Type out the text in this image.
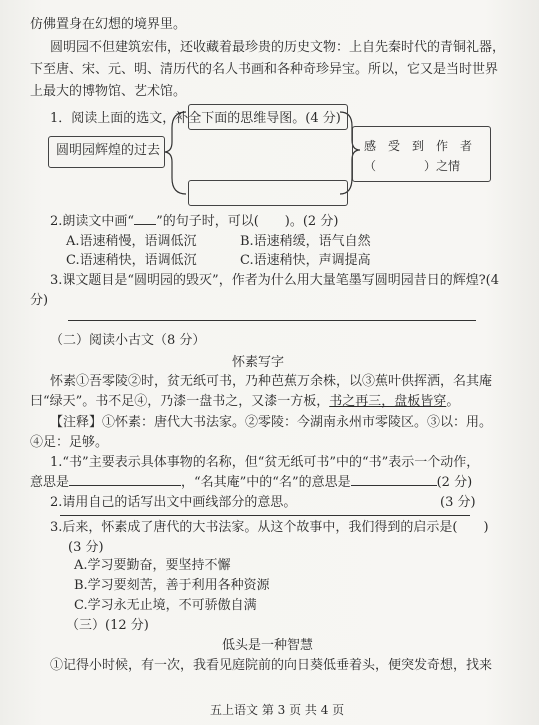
仿佛置身在幻想的境界里。
圆明园不但建筑宏伟，还收藏着最珍贵的历史文物：上自先秦时代的青铜礼器，
下至唐、宋、元、明、清历代的名人书画和各种奇珍异宝。所以，它又是当时世界
上最大的博物馆、艺术馆。
1．阅读上面的选文，补全下面的思维导图。(4 分)
圆明园辉煌的过去	感　受　到　作　者
（　　　　）之情
2.朗读文中画“ ”的句子时，可以(　　)。(2 分)
A.语速稍慢，语调低沉	B.语速稍缓，语气自然
C.语速稍快，语调低沉	C.语速稍快，声调提高
3.课文题目是“圆明园的毁灭”，作者为什么用大量笔墨写圆明园昔日的辉煌?(4
分)
（二）阅读小古文（8 分）
怀素写字
怀素①吾零陵②时，贫无纸可书，乃种芭蕉万余株，以③蕉叶供挥洒，名其庵
曰“绿天”。书不足④，乃漆一盘书之，又漆一方板，书之再三，盘板皆穿。
【注释】①怀素：唐代大书法家。②零陵：今湖南永州市零陵区。③以：用。
④足：足够。
1.“书”主要表示具体事物的名称，但“贫无纸可书”中的“书”表示一个动作，
意思是	，“名其庵”中的“名”的意思是	(2 分)
2.请用自己的话写出文中画线部分的意思。	(3 分)
3.后来，怀素成了唐代的大书法家。从这个故事中，我们得到的启示是(　　)
(3 分)
A.学习要勤奋，要坚持不懈
B.学习要刻苦，善于利用各种资源
C.学习永无止境，不可骄傲自满
（三）(12 分)
低头是一种智慧
①记得小时候，有一次，我看见庭院前的向日葵低垂着头，便突发奇想，找来
五上语文 第 3 页 共 4 页
